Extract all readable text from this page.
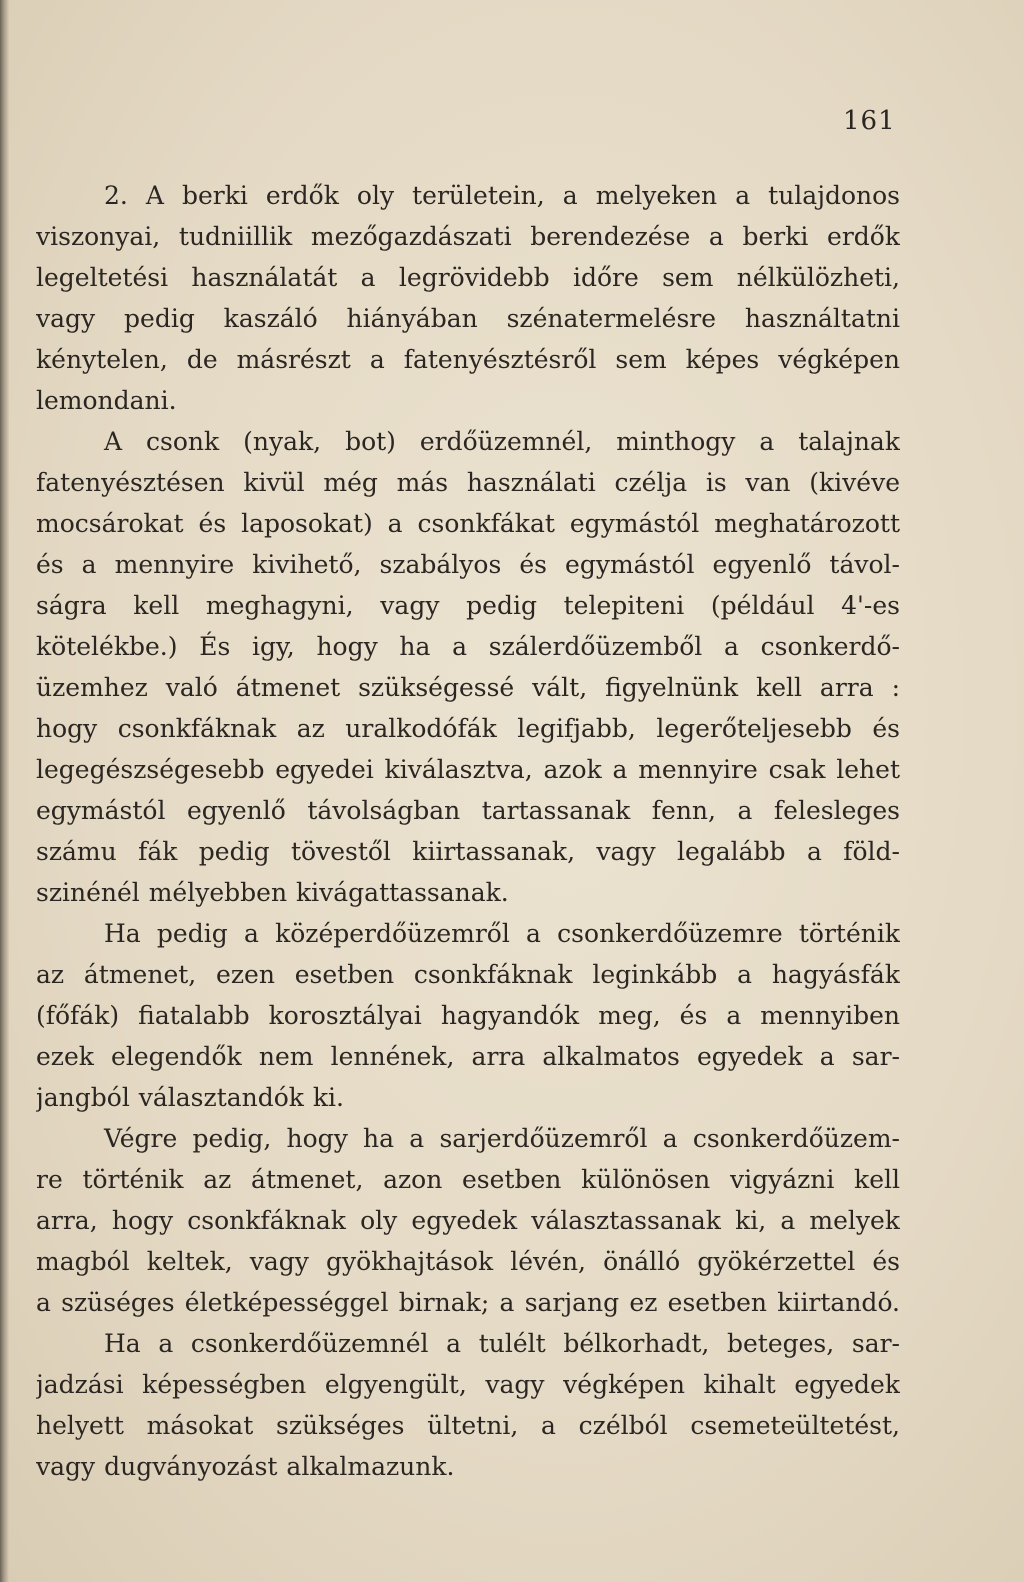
161
2. A berki erdők oly területein, a melyeken a tulajdonos
viszonyai, tudniillik mezőgazdászati berendezése a berki erdők
legeltetési használatát a legrövidebb időre sem nélkülözheti,
vagy pedig kaszáló hiányában szénatermelésre használtatni
kénytelen, de másrészt a fatenyésztésről sem képes végképen
lemondani.
A csonk (nyak, bot) erdőüzemnél, minthogy a talajnak
fatenyésztésen kivül még más használati czélja is van (kivéve
mocsárokat és laposokat) a csonkfákat egymástól meghatározott
és a mennyire kivihető, szabályos és egymástól egyenlő távol-
ságra kell meghagyni, vagy pedig telepiteni (például 4'-es
kötelékbe.) És igy, hogy ha a szálerdőüzemből a csonkerdő-
üzemhez való átmenet szükségessé vált, figyelnünk kell arra :
hogy csonkfáknak az uralkodófák legifjabb, legerőteljesebb és
legegészségesebb egyedei kiválasztva, azok a mennyire csak lehet
egymástól egyenlő távolságban tartassanak fenn, a felesleges
számu fák pedig tövestől kiirtassanak, vagy legalább a föld-
szinénél mélyebben kivágattassanak.
Ha pedig a középerdőüzemről a csonkerdőüzemre történik
az átmenet, ezen esetben csonkfáknak leginkább a hagyásfák
(főfák) fiatalabb korosztályai hagyandók meg, és a mennyiben
ezek elegendők nem lennének, arra alkalmatos egyedek a sar-
jangból választandók ki.
Végre pedig, hogy ha a sarjerdőüzemről a csonkerdőüzem-
re történik az átmenet, azon esetben különösen vigyázni kell
arra, hogy csonkfáknak oly egyedek választassanak ki, a melyek
magból keltek, vagy gyökhajtások lévén, önálló gyökérzettel és
a szüséges életképességgel birnak; a sarjang ez esetben kiirtandó.
Ha a csonkerdőüzemnél a tulélt bélkorhadt, beteges, sar-
jadzási képességben elgyengült, vagy végképen kihalt egyedek
helyett másokat szükséges ültetni, a czélból csemeteültetést,
vagy dugványozást alkalmazunk.
